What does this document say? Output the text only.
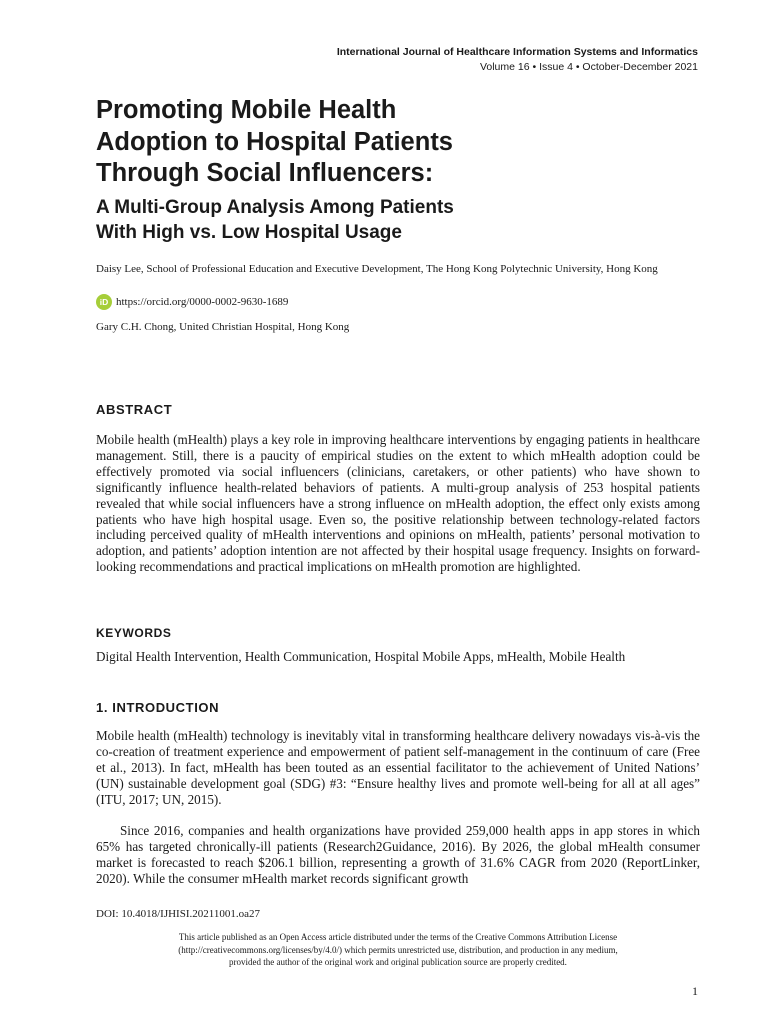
International Journal of Healthcare Information Systems and Informatics
Volume 16 • Issue 4 • October-December 2021
Promoting Mobile Health
Adoption to Hospital Patients
Through Social Influencers:
A Multi-Group Analysis Among Patients
With High vs. Low Hospital Usage
Daisy Lee, School of Professional Education and Executive Development, The Hong Kong Polytechnic University, Hong Kong
iD https://orcid.org/0000-0002-9630-1689
Gary C.H. Chong, United Christian Hospital, Hong Kong
ABSTRACT

Mobile health (mHealth) plays a key role in improving healthcare interventions by engaging patients in healthcare management. Still, there is a paucity of empirical studies on the extent to which mHealth adoption could be effectively promoted via social influencers (clinicians, caretakers, or other patients) who have shown to significantly influence health-related behaviors of patients. A multi-group analysis of 253 hospital patients revealed that while social influencers have a strong influence on mHealth adoption, the effect only exists among patients who have high hospital usage. Even so, the positive relationship between technology-related factors including perceived quality of mHealth interventions and opinions on mHealth, patients’ personal motivation to adoption, and patients’ adoption intention are not affected by their hospital usage frequency. Insights on forward-looking recommendations and practical implications on mHealth promotion are highlighted.

KEYWORDS

Digital Health Intervention, Health Communication, Hospital Mobile Apps, mHealth, Mobile Health

1. INTRODUCTION

Mobile health (mHealth) technology is inevitably vital in transforming healthcare delivery nowadays vis-à-vis the co-creation of treatment experience and empowerment of patient self-management in the continuum of care (Free et al., 2013). In fact, mHealth has been touted as an essential facilitator to the achievement of United Nations’ (UN) sustainable development goal (SDG) #3: “Ensure healthy lives and promote well-being for all at all ages” (ITU, 2017; UN, 2015).

Since 2016, companies and health organizations have provided 259,000 health apps in app stores in which 65% has targeted chronically-ill patients (Research2Guidance, 2016). By 2026, the global mHealth consumer market is forecasted to reach $206.1 billion, representing a growth of 31.6% CAGR from 2020 (ReportLinker, 2020). While the consumer mHealth market records significant growth

DOI: 10.4018/IJHISI.20211001.oa27
This article published as an Open Access article distributed under the terms of the Creative Commons Attribution License
(http://creativecommons.org/licenses/by/4.0/) which permits unrestricted use, distribution, and production in any medium,
provided the author of the original work and original publication source are properly credited.
1
